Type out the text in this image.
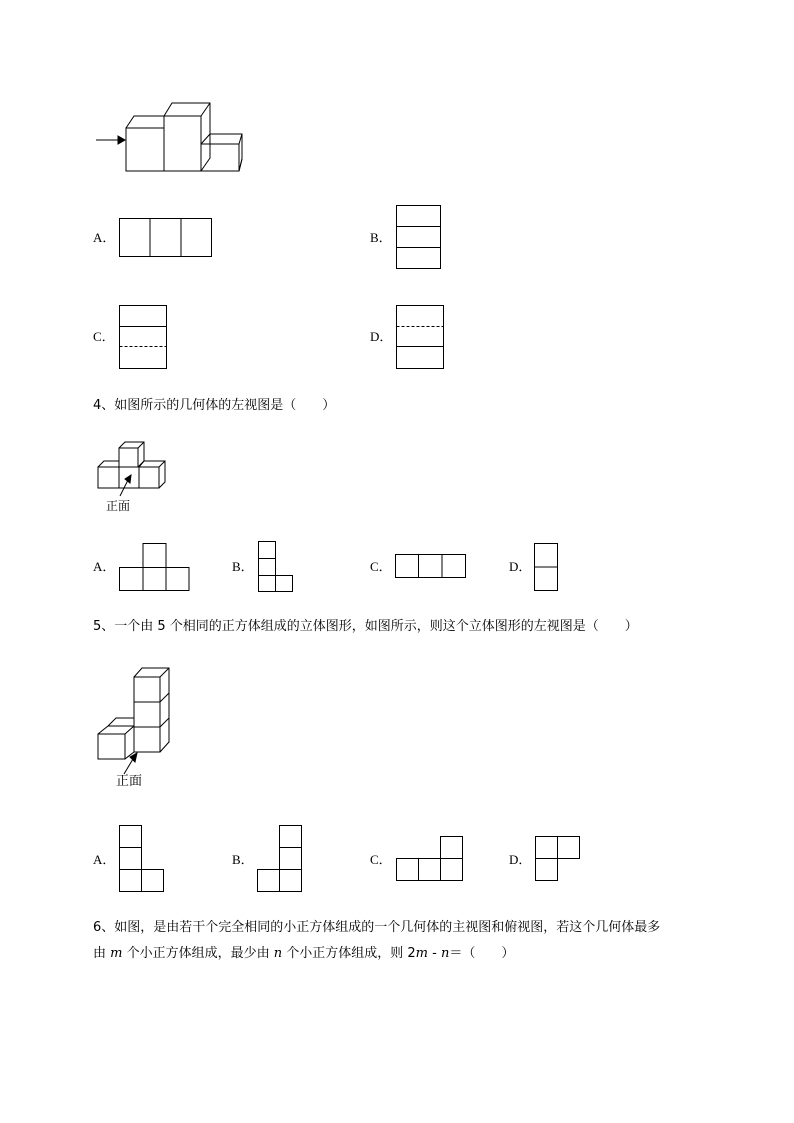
A．	B．
C．	D．
4、如图所示的几何体的左视图是（　　）
正面
A．	B．	C．	D．
5、一个由 5 个相同的正方体组成的立体图形，如图所示，则这个立体图形的左视图是（　　）
正面
A．	B．	C．	D．
6、如图，是由若干个完全相同的小正方体组成的一个几何体的主视图和俯视图，若这个几何体最多
由 m 个小正方体组成，最少由 n 个小正方体组成，则 2m - n＝（　　）
